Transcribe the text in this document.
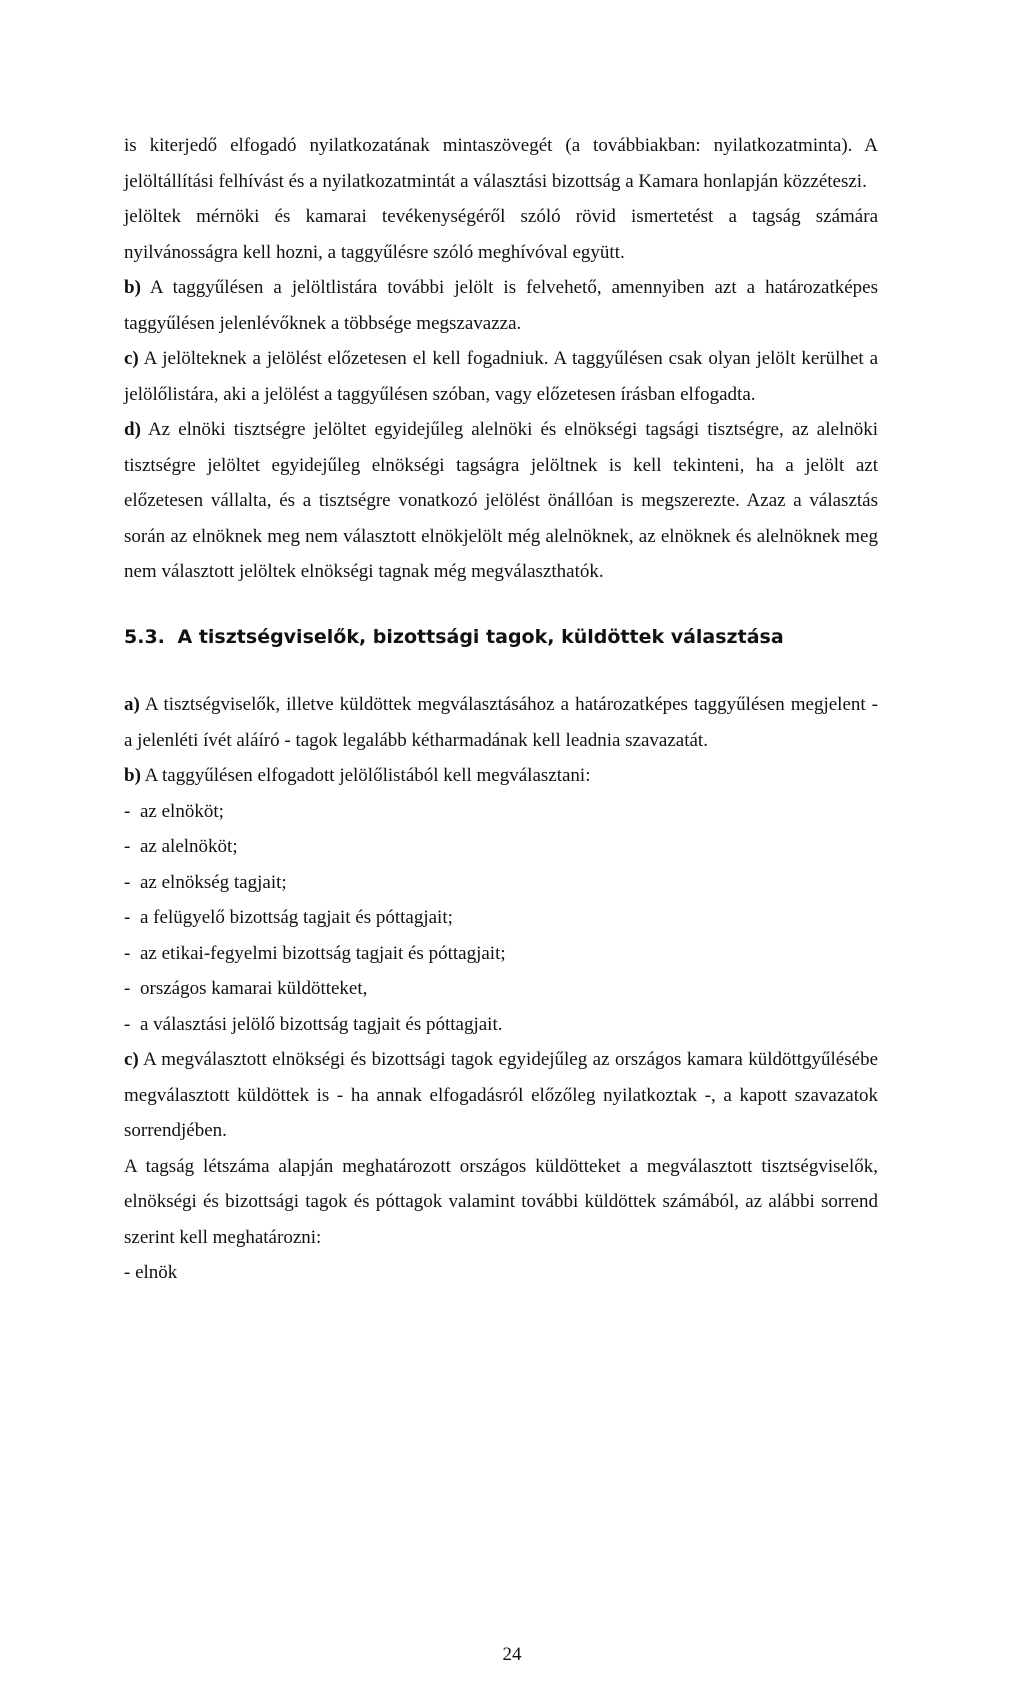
is kiterjedő elfogadó nyilatkozatának mintaszövegét (a továbbiakban: nyilatkozatminta). A jelöltállítási felhívást és a nyilatkozatmintát a választási bizottság a Kamara honlapján közzéteszi.

jelöltek mérnöki és kamarai tevékenységéről szóló rövid ismertetést a tagság számára nyilvánosságra kell hozni, a taggyűlésre szóló meghívóval együtt.

b) A taggyűlésen a jelöltlistára további jelölt is felvehető, amennyiben azt a határozatképes taggyűlésen jelenlévőknek a többsége megszavazza.

c) A jelölteknek a jelölést előzetesen el kell fogadniuk. A taggyűlésen csak olyan jelölt kerülhet a jelölőlistára, aki a jelölést a taggyűlésen szóban, vagy előzetesen írásban elfogadta.

d) Az elnöki tisztségre jelöltet egyidejűleg alelnöki és elnökségi tagsági tisztségre, az alelnöki tisztségre jelöltet egyidejűleg elnökségi tagságra jelöltnek is kell tekinteni, ha a jelölt azt előzetesen vállalta, és a tisztségre vonatkozó jelölést önállóan is megszerezte. Azaz a választás során az elnöknek meg nem választott elnökjelölt még alelnöknek, az elnöknek és alelnöknek meg nem választott jelöltek elnökségi tagnak még megválaszthatók.

5.3. A tisztségviselők, bizottsági tagok, küldöttek választása

a) A tisztségviselők, illetve küldöttek megválasztásához a határozatképes taggyűlésen megjelent - a jelenléti ívét aláíró - tagok legalább kétharmadának kell leadnia szavazatát.

b) A taggyűlésen elfogadott jelölőlistából kell megválasztani:

- az elnököt;
- az alelnököt;
- az elnökség tagjait;
- a felügyelő bizottság tagjait és póttagjait;
- az etikai-fegyelmi bizottság tagjait és póttagjait;
- országos kamarai küldötteket,
- a választási jelölő bizottság tagjait és póttagjait.

c) A megválasztott elnökségi és bizottsági tagok egyidejűleg az országos kamara küldöttgyűlésébe megválasztott küldöttek is - ha annak elfogadásról előzőleg nyilatkoztak -, a kapott szavazatok sorrendjében.

A tagság létszáma alapján meghatározott országos küldötteket a megválasztott tisztségviselők, elnökségi és bizottsági tagok és póttagok valamint további küldöttek számából, az alábbi sorrend szerint kell meghatározni:

- elnök

24
